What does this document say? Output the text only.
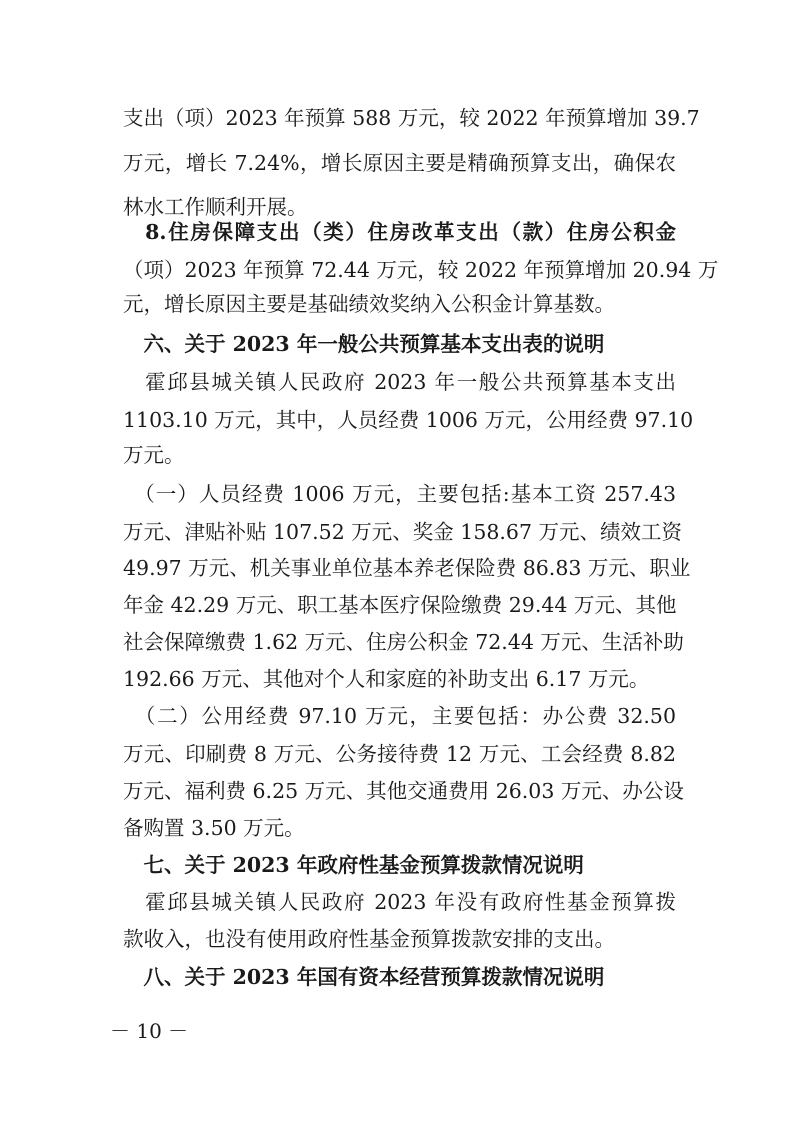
支出（项）2023 年预算 588 万元，较 2022 年预算增加 39.7
万元，增长 7.24%，增长原因主要是精确预算支出，确保农
林水工作顺利开展。
　8.住房保障支出（类）住房改革支出（款）住房公积金
（项）2023 年预算 72.44 万元，较 2022 年预算增加 20.94 万
元，增长原因主要是基础绩效奖纳入公积金计算基数。
　六、关于 2023 年一般公共预算基本支出表的说明
　霍邱县城关镇人民政府 2023 年一般公共预算基本支出
1103.10 万元，其中，人员经费 1006 万元，公用经费 97.10
万元。
　（一）人员经费 1006 万元，主要包括:基本工资 257.43
万元、津贴补贴 107.52 万元、奖金 158.67 万元、绩效工资
49.97 万元、机关事业单位基本养老保险费 86.83 万元、职业
年金 42.29 万元、职工基本医疗保险缴费 29.44 万元、其他
社会保障缴费 1.62 万元、住房公积金 72.44 万元、生活补助
192.66 万元、其他对个人和家庭的补助支出 6.17 万元。
　（二）公用经费 97.10 万元，主要包括：办公费 32.50
万元、印刷费 8 万元、公务接待费 12 万元、工会经费 8.82
万元、福利费 6.25 万元、其他交通费用 26.03 万元、办公设
备购置 3.50 万元。
　七、关于 2023 年政府性基金预算拨款情况说明
　霍邱县城关镇人民政府 2023 年没有政府性基金预算拨
款收入，也没有使用政府性基金预算拨款安排的支出。
　八、关于 2023 年国有资本经营预算拨款情况说明
－ 10 －
